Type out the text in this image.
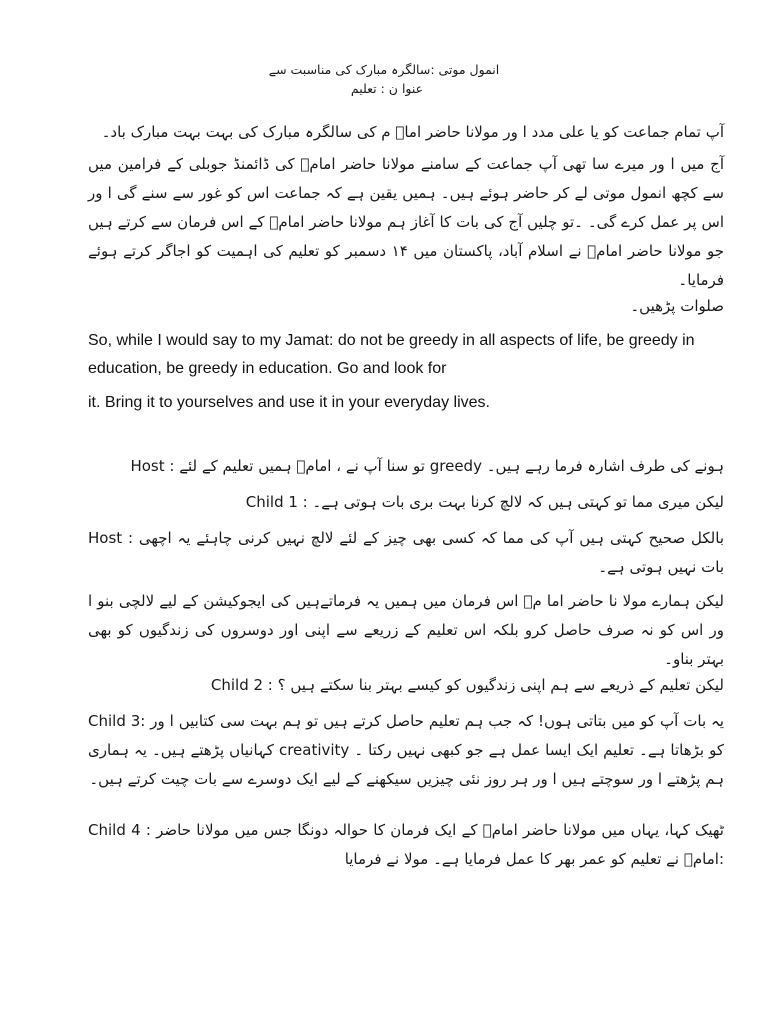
انمول موتی :سالگرہ مبارک کی مناسبت سے
عنوا ن : تعلیم

آپ تمام جماعت کو یا علی مدد ا ور مولانا حاضر اماؑ م کی سالگرہ مبارک کی بہت بہت مبارک باد۔

آج میں ا ور میرے سا تھی آپ جماعت کے سامنے مولانا حاضر امامؑ کی ڈائمنڈ جوبلی کے فرامین میں سے کچھ انمول موتی لے کر حاضر ہوئے ہیں۔ ہمیں یقین ہے کہ جماعت اس کو غور سے سنے گی ا ور اس پر عمل کرے گی۔ ۔تو چلیں آج کی بات کا آغاز ہم مولانا حاضر امامؑ کے اس فرمان سے کرتے ہیں جو مولانا حاضر امامؑ نے اسلام آباد، پاکستان میں ۱۴ دسمبر کو تعلیم کی اہمیت کو اجاگر کرتے ہوئے فرمایا۔

صلوات پڑھیں۔

So, while I would say to my Jamat: do not be greedy in all aspects of life, be greedy in education, be greedy in education. Go and look for

it. Bring it to yourselves and use it in your everyday lives.

Host : تو سنا آپ نے ، امامؑ ہمیں تعلیم کے لئے greedy ہونے کی طرف اشارہ فرما رہے ہیں۔

Child 1 : لیکن میری مما تو کہتی ہیں کہ لالچ کرنا بہت بری بات ہوتی ہے۔

Host : بالکل صحیح کہتی ہیں آپ کی مما کہ کسی بھی چیز کے لئے لالچ نہیں کرنی چاہئے یہ اچھی بات نہیں ہوتی ہے۔

لیکن ہمارے مولا نا حاضر اما مؑ اس فرمان میں ہمیں یہ فرماتےہیں کی ایجوکیشن کے لیے لالچی بنو ا ور اس کو نہ صرف حاصل کرو بلکہ اس تعلیم کے زریعے سے اپنی اور دوسروں کی زندگیوں کو بھی بہتر بناو۔

Child 2 : لیکن تعلیم کے ذریعے سے ہم اپنی زندگیوں کو کیسے بہتر بنا سکتے ہیں ؟

Child 3: یہ بات آپ کو میں بتاتی ہوں! کہ جب ہم تعلیم حاصل کرتے ہیں تو ہم بہت سی کتابیں ا ور کہانیاں پڑھتے ہیں۔ یہ ہماری creativity کو بڑھاتا ہے۔ تعلیم ایک ایسا عمل ہے جو کبھی نہیں رکتا ۔ ہم پڑھتے ا ور سوچتے ہیں ا ور ہر روز نئی چیزیں سیکھنے کے لیے ایک دوسرے سے بات چیت کرتے ہیں۔

Child 4 : ٹھیک کہا، یہاں میں مولانا حاضر امامؑ کے ایک فرمان کا حوالہ دونگا جس میں مولانا حاضر امامؑ نے تعلیم کو عمر بھر کا عمل فرمایا ہے۔ مولا نے فرمایا:
